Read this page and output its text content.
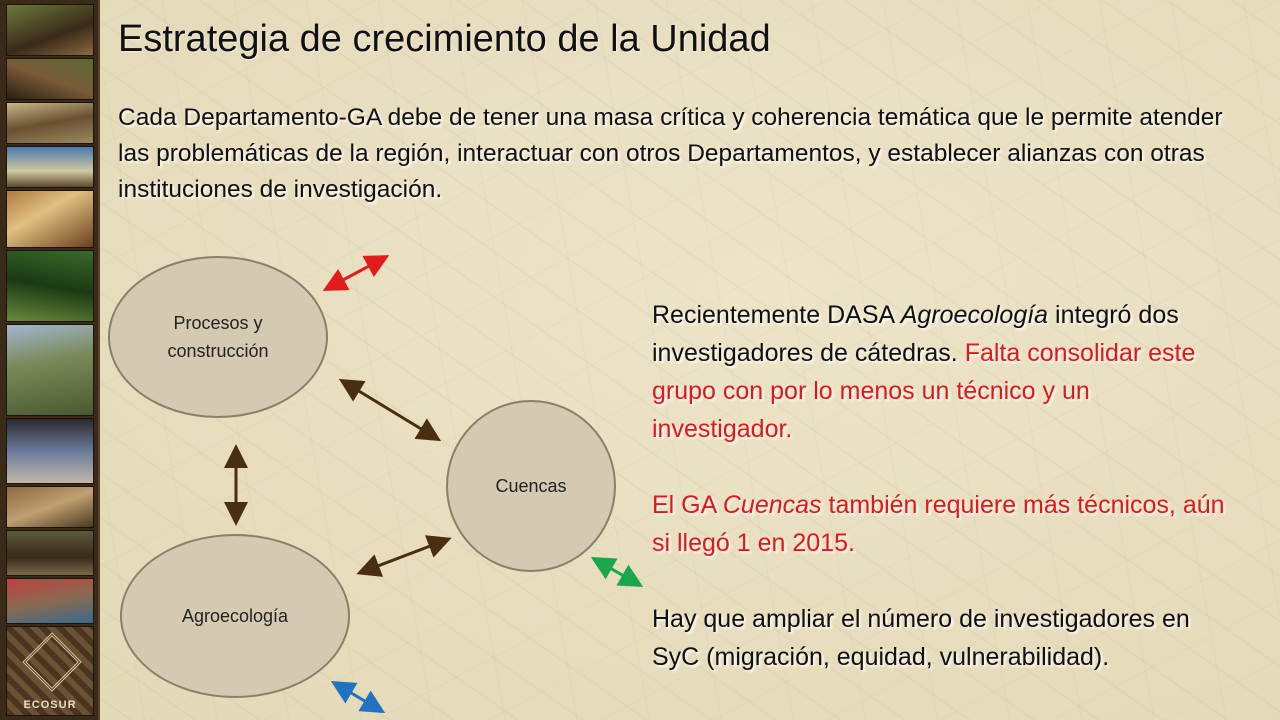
ECOSUR
Estrategia de crecimiento de la Unidad

Cada Departamento-GA debe de tener una masa crítica y coherencia temática que le permite atender las problemáticas de la región, interactuar con otros Departamentos, y establecer alianzas con otras instituciones de investigación.

Procesos y construcción
Cuencas
Agroecología

Recientemente DASA Agroecología integró dos investigadores de cátedras. Falta consolidar este grupo con por lo menos un técnico y un investigador.

El GA Cuencas también requiere más técnicos, aún si llegó 1 en 2015.

Hay que ampliar el número de investigadores en SyC (migración, equidad, vulnerabilidad).
